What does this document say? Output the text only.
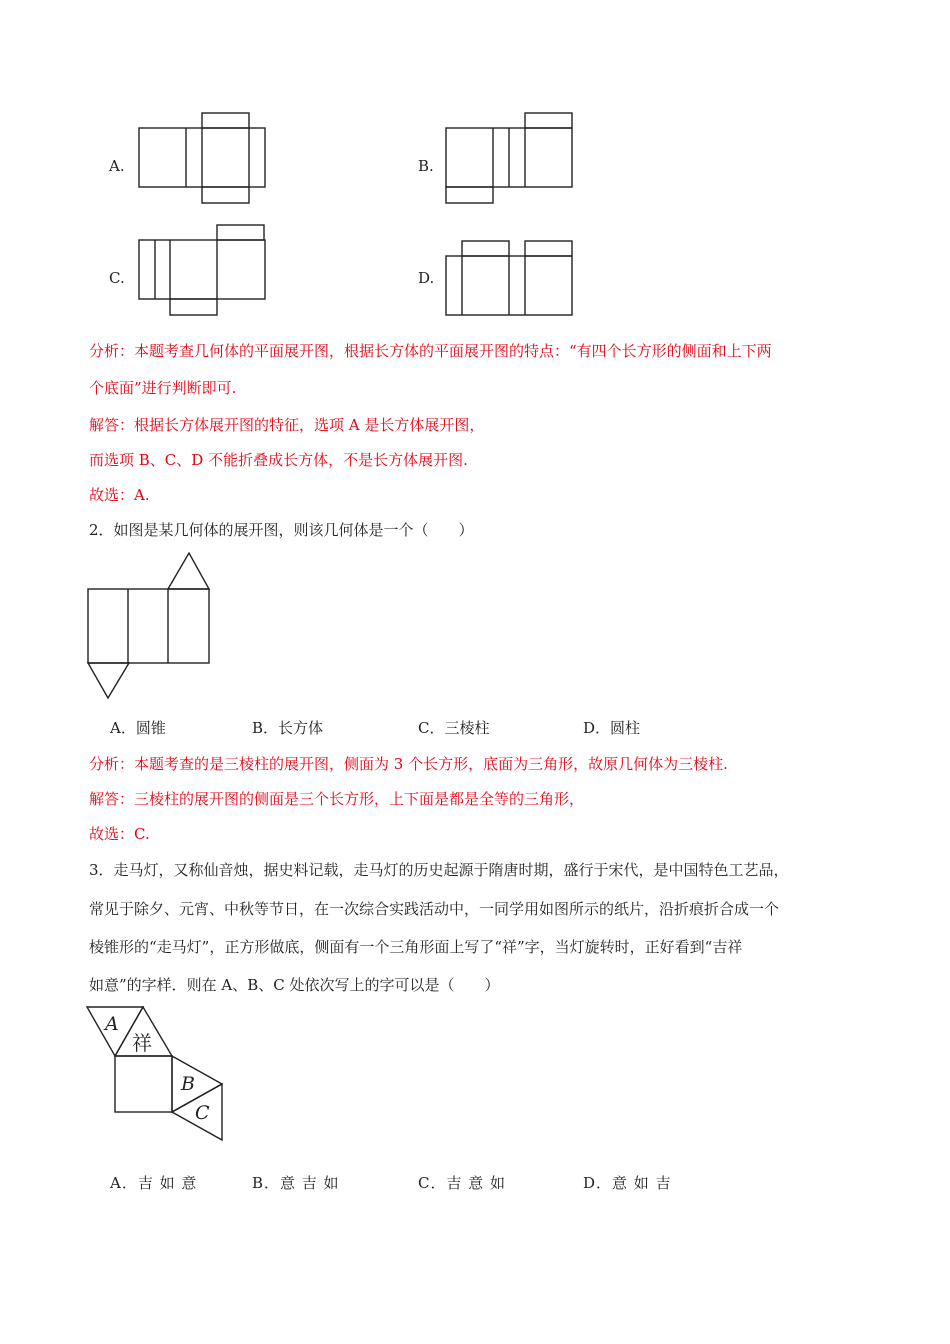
A.	B.
C.	D.
分析：本题考查几何体的平面展开图，根据长方体的平面展开图的特点：“有四个长方形的侧面和上下两
个底面”进行判断即可.
解答：根据长方体展开图的特征，选项 A 是长方体展开图，
而选项 B、C、D 不能折叠成长方体，不是长方体展开图.
故选：A.
2．如图是某几何体的展开图，则该几何体是一个（　　）
A．圆锥	B．长方体	C．三棱柱	D．圆柱
分析：本题考查的是三棱柱的展开图，侧面为 3 个长方形，底面为三角形，故原几何体为三棱柱.
解答：三棱柱的展开图的侧面是三个长方形，上下面是都是全等的三角形，
故选：C.
3．走马灯，又称仙音烛，据史料记载，走马灯的历史起源于隋唐时期，盛行于宋代，是中国特色工艺品，
常见于除夕、元宵、中秋等节日，在一次综合实践活动中，一同学用如图所示的纸片，沿折痕折合成一个
棱锥形的“走马灯”，正方形做底，侧面有一个三角形面上写了“祥”字，当灯旋转时，正好看到“吉祥
如意”的字样．则在 A、B、C 处依次写上的字可以是（　　）
A
祥
B
C
A．吉 如 意	B．意 吉 如	C．吉 意 如	D．意 如 吉
